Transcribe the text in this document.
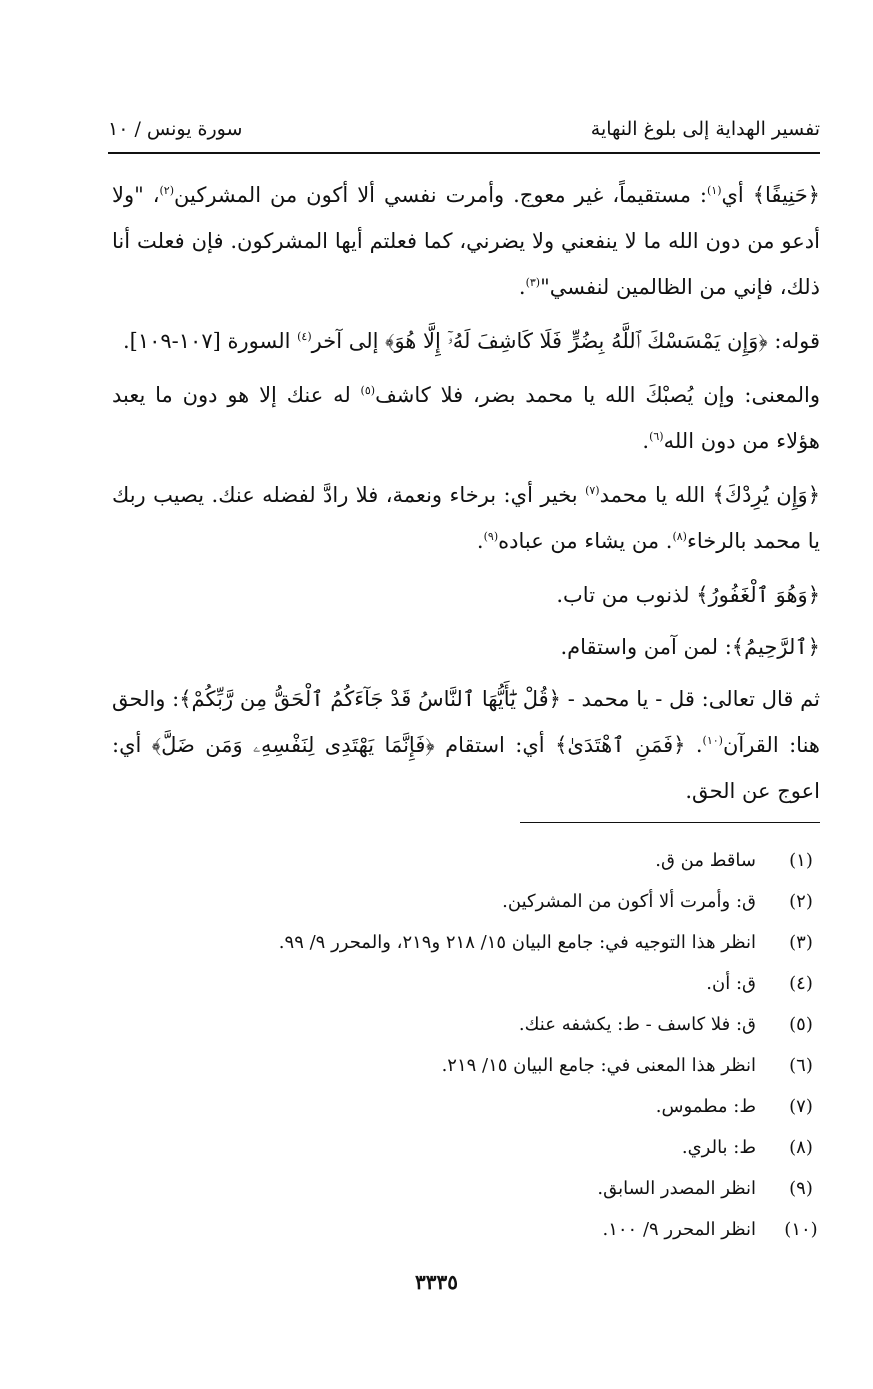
تفسير الهداية إلى بلوغ النهاية
سورة يونس / ١٠

﴿حَنِيفًا﴾ أي$^{(١)}$: مستقيماً، غير معوج. وأمرت نفسي ألا أكون من المشركين$^{(٢)}$، "ولا أدعو من دون الله ما لا ينفعني ولا يضرني، كما فعلتم أيها المشركون. فإن فعلت أنا ذلك، فإني من الظالمين لنفسي"$^{(٣)}$.

قوله: ﴿وَإِن يَمْسَسْكَ ٱللَّهُ بِضُرٍّ فَلَا كَاشِفَ لَهُۥٓ إِلَّا هُوَ﴾ إلى آخر$^{(٤)}$ السورة [١٠٧-١٠٩].

والمعنى: وإن يُصبْكَ الله يا محمد بضر، فلا كاشف$^{(٥)}$ له عنك إلا هو دون ما يعبد هؤلاء من دون الله$^{(٦)}$.

﴿وَإِن يُرِدْكَ﴾ الله يا محمد$^{(٧)}$ بخير أي: برخاء ونعمة، فلا رادَّ لفضله عنك. يصيب ربك يا محمد بالرخاء$^{(٨)}$. من يشاء من عباده$^{(٩)}$.

﴿وَهُوَ ٱلْغَفُورُ﴾ لذنوب من تاب.

﴿ٱلرَّحِيمُ﴾: لمن آمن واستقام.

ثم قال تعالى: قل - يا محمد - ﴿قُلْ يَٰٓأَيُّهَا ٱلنَّاسُ قَدْ جَآءَكُمُ ٱلْحَقُّ مِن رَّبِّكُمْ﴾: والحق هنا: القرآن$^{(١٠)}$. ﴿فَمَنِ ٱهْتَدَىٰ﴾ أي: استقام ﴿فَإِنَّمَا يَهْتَدِى لِنَفْسِهِۦ وَمَن ضَلَّ﴾ أي: اعوج عن الحق.

(١)
ساقط من ق.
(٢)
ق: وأمرت ألا أكون من المشركين.
(٣)
انظر هذا التوجيه في: جامع البيان ١٥/ ٢١٨ و٢١٩، والمحرر ٩/ ٩٩.
(٤)
ق: أن.
(٥)
ق: فلا كاسف - ط: يكشفه عنك.
(٦)
انظر هذا المعنى في: جامع البيان ١٥/ ٢١٩.
(٧)
ط: مطموس.
(٨)
ط: بالري.
(٩)
انظر المصدر السابق.
(١٠)
انظر المحرر ٩/ ١٠٠.
٣٣٣٥
